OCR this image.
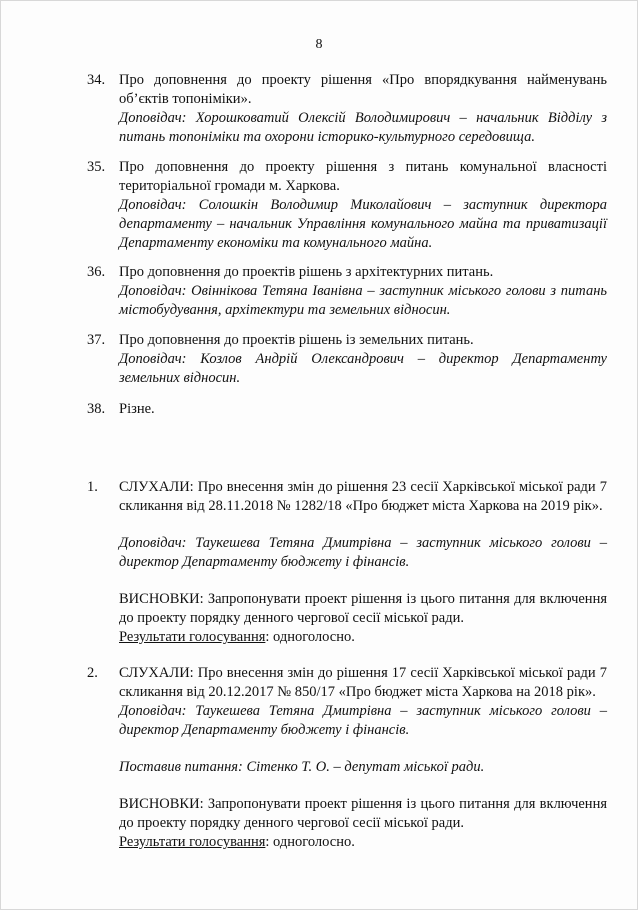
8
34. Про доповнення до проекту рішення «Про впорядкування найменувань об’єктів топоніміки».
Доповідач: Хорошковатий Олексій Володимирович – начальник Відділу з питань топоніміки та охорони історико-культурного середовища.
35. Про доповнення до проекту рішення з питань комунальної власності територіальної громади м. Харкова.
Доповідач: Солошкін Володимир Миколайович – заступник директора департаменту – начальник Управління комунального майна та приватизації Департаменту економіки та комунального майна.
36. Про доповнення до проектів рішень з архітектурних питань.
Доповідач: Овіннікова Тетяна Іванівна – заступник міського голови з питань містобудування, архітектури та земельних відносин.
37. Про доповнення до проектів рішень із земельних питань.
Доповідач: Козлов Андрій Олександрович – директор Департаменту земельних відносин.
38. Різне.
1.	СЛУХАЛИ: Про внесення змін до рішення 23 сесії Харківської міської ради 7 скликання від 28.11.2018 № 1282/18 «Про бюджет міста Харкова на 2019 рік».
Доповідач: Таукешева Тетяна Дмитрівна – заступник міського голови – директор Департаменту бюджету і фінансів.
ВИСНОВКИ: Запропонувати проект рішення із цього питання для включення до проекту порядку денного чергової сесії міської ради.
Результати голосування: одноголосно.
2.	СЛУХАЛИ: Про внесення змін до рішення 17 сесії Харківської міської ради 7 скликання від 20.12.2017 № 850/17 «Про бюджет міста Харкова на 2018 рік».
Доповідач: Таукешева Тетяна Дмитрівна – заступник міського голови – директор Департаменту бюджету і фінансів.
Поставив питання: Сітенко Т. О. – депутат міської ради.
ВИСНОВКИ: Запропонувати проект рішення із цього питання для включення до проекту порядку денного чергової сесії міської ради.
Результати голосування: одноголосно.
